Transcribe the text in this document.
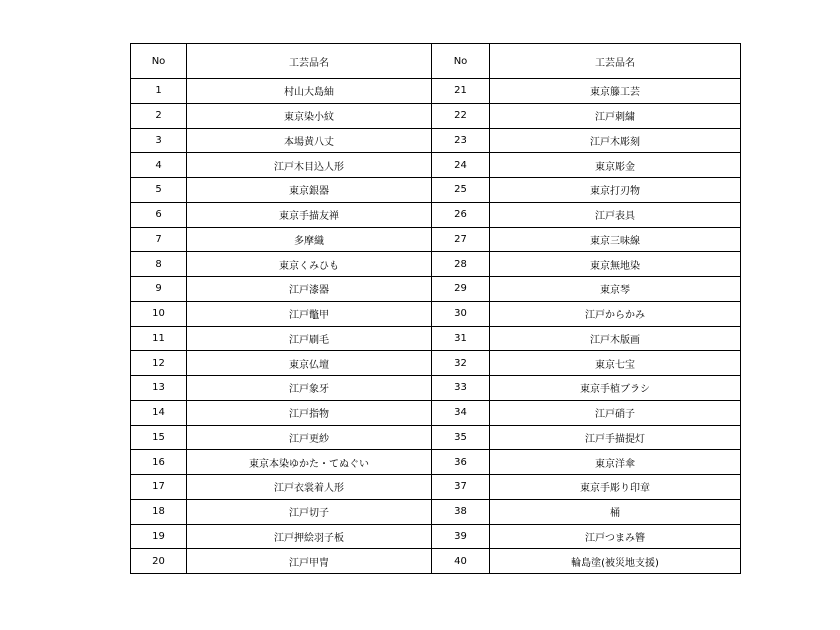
No	工芸品名	No	工芸品名
1	村山大島紬	21	東京籐工芸
2	東京染小紋	22	江戸刺繍
3	本場黄八丈	23	江戸木彫刻
4	江戸木目込人形	24	東京彫金
5	東京銀器	25	東京打刃物
6	東京手描友禅	26	江戸表具
7	多摩織	27	東京三味線
8	東京くみひも	28	東京無地染
9	江戸漆器	29	東京琴
10	江戸鼈甲	30	江戸からかみ
11	江戸刷毛	31	江戸木版画
12	東京仏壇	32	東京七宝
13	江戸象牙	33	東京手植ブラシ
14	江戸指物	34	江戸硝子
15	江戸更紗	35	江戸手描提灯
16	東京本染ゆかた・てぬぐい	36	東京洋傘
17	江戸衣裳着人形	37	東京手彫り印章
18	江戸切子	38	桶
19	江戸押絵羽子板	39	江戸つまみ簪
20	江戸甲冑	40	輪島塗(被災地支援)
